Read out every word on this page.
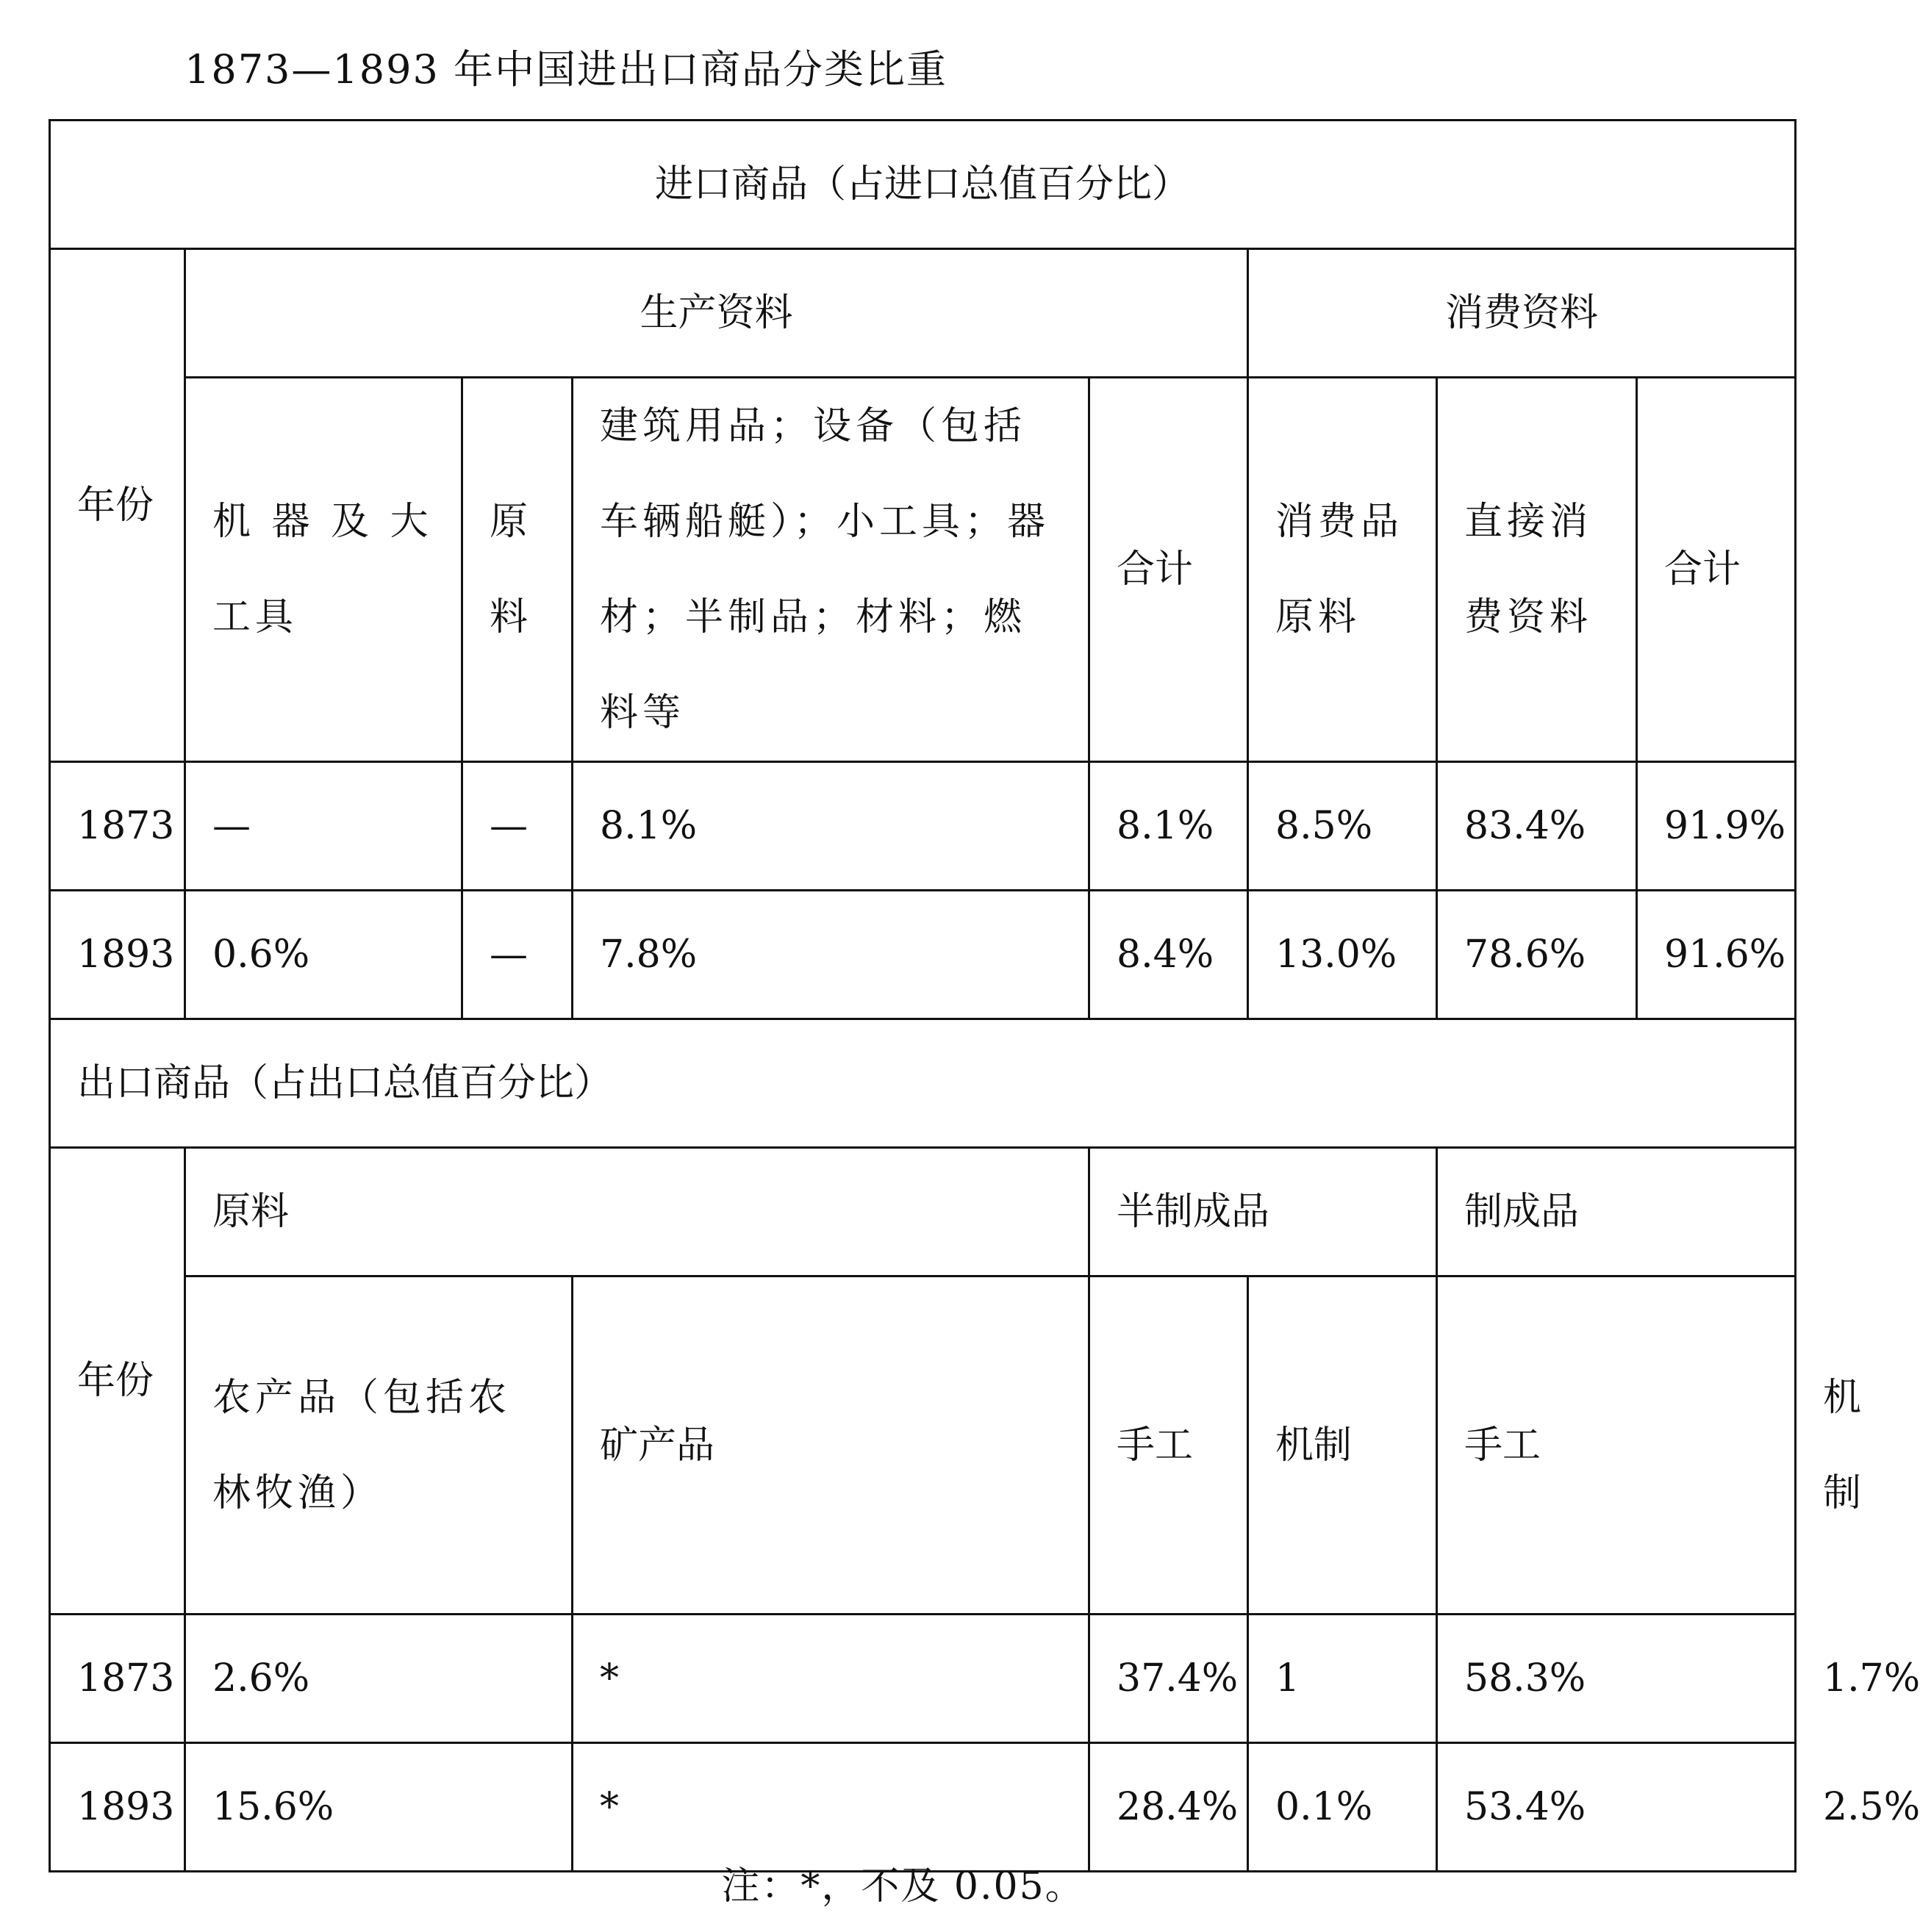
1873—1893 年中国进出口商品分类比重
进口商品（占进口总值百分比）								
年份	生产资料				消费资料			
	机 器 及 大工具	原 料	建筑用品；设备（包括车辆船艇）；小工具；器材；半制品；材料；燃料等	合计	消费品 原料	直接消 费资料	合计	
1873	—	—	8.1%	8.1%	8.5%	83.4%	91.9%	
1893	0.6%	—	7.8%	8.4%	13.0%	78.6%	91.6%	
出口商品（占出口总值百分比）								
年份	原料			半制成品		制成品		
	农产品（包括农林牧渔）		矿产品	手工	机制	手工		机制
1873	2.6%		*	37.4%	1	58.3%		1.7%
1893	15.6%		*	28.4%	0.1%	53.4%		2.5%
注：*，不及 0.05。
